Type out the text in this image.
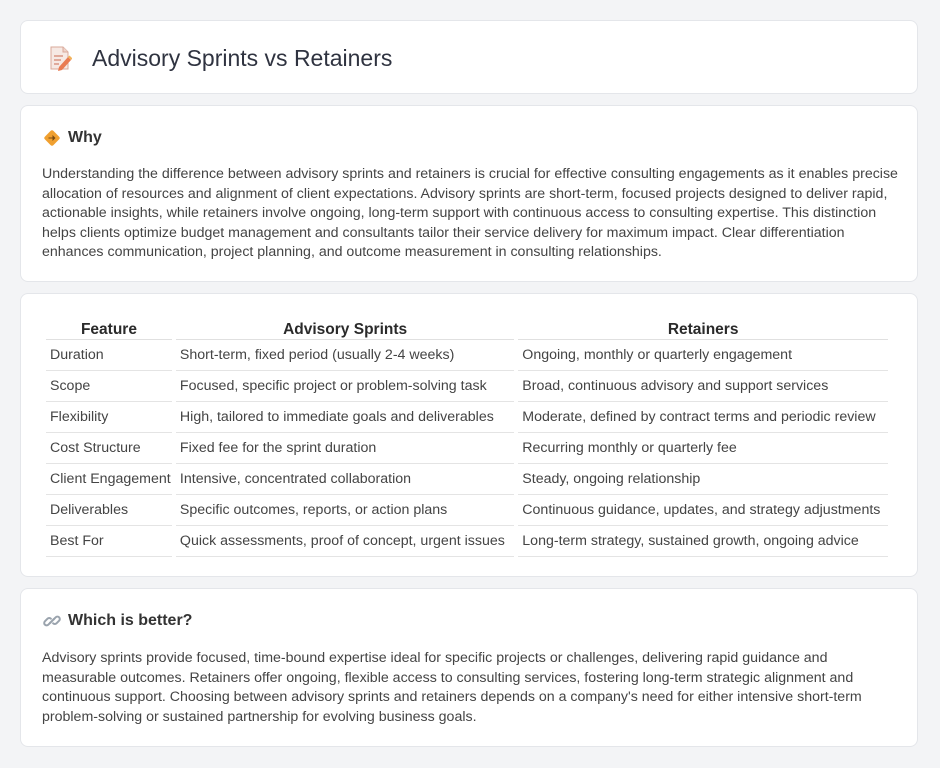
Advisory Sprints vs Retainers
Why

Understanding the difference between advisory sprints and retainers is crucial for effective consulting engagements as it enables precise allocation of resources and alignment of client expectations. Advisory sprints are short-term, focused projects designed to deliver rapid, actionable insights, while retainers involve ongoing, long-term support with continuous access to consulting expertise. This distinction helps clients optimize budget management and consultants tailor their service delivery for maximum impact. Clear differentiation enhances communication, project planning, and outcome measurement in consulting relationships.

Feature	Advisory Sprints	Retainers
Duration	Short-term, fixed period (usually 2-4 weeks)	Ongoing, monthly or quarterly engagement
Scope	Focused, specific project or problem-solving task	Broad, continuous advisory and support services
Flexibility	High, tailored to immediate goals and deliverables	Moderate, defined by contract terms and periodic review
Cost Structure	Fixed fee for the sprint duration	Recurring monthly or quarterly fee
Client Engagement	Intensive, concentrated collaboration	Steady, ongoing relationship
Deliverables	Specific outcomes, reports, or action plans	Continuous guidance, updates, and strategy adjustments
Best For	Quick assessments, proof of concept, urgent issues	Long-term strategy, sustained growth, ongoing advice
Which is better?

Advisory sprints provide focused, time-bound expertise ideal for specific projects or challenges, delivering rapid guidance and measurable outcomes. Retainers offer ongoing, flexible access to consulting services, fostering long-term strategic alignment and continuous support. Choosing between advisory sprints and retainers depends on a company's need for either intensive short-term problem-solving or sustained partnership for evolving business goals.
